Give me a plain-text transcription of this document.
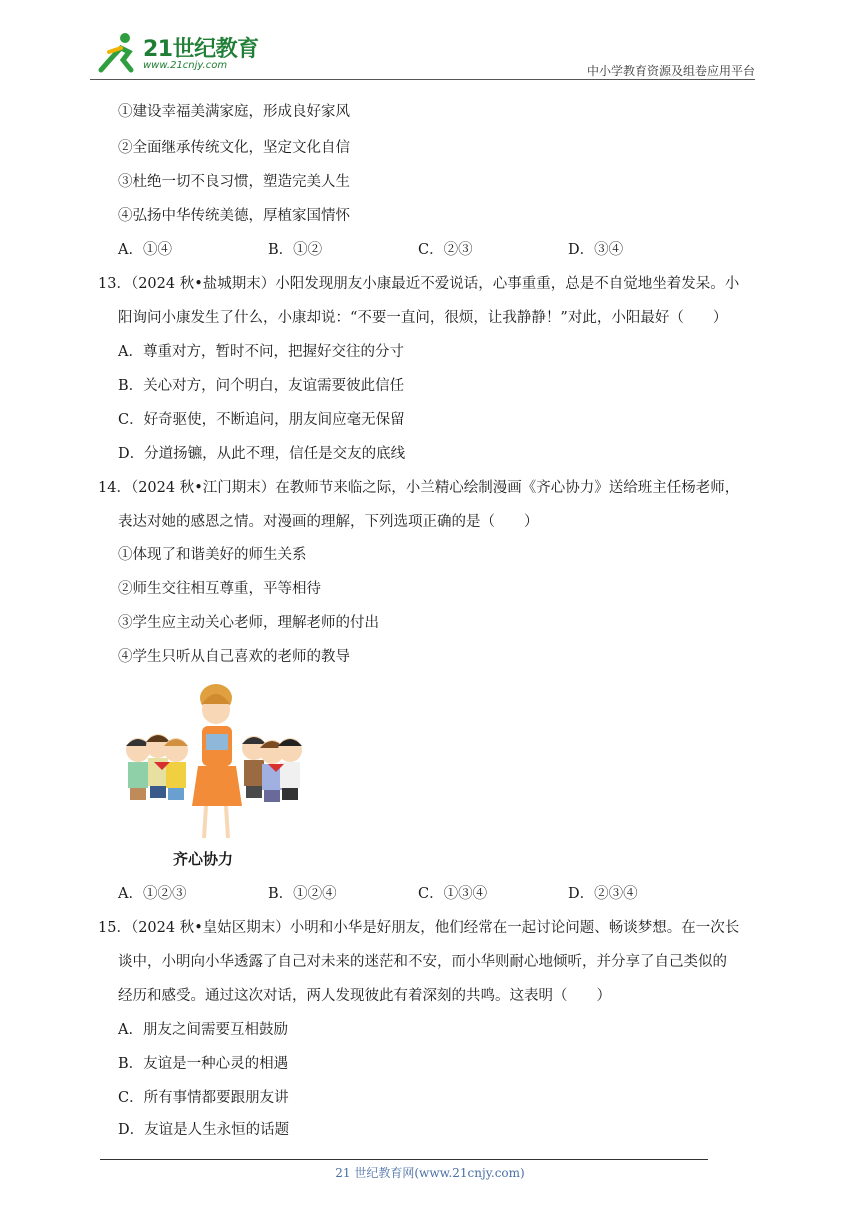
21世纪教育
www.21cnjy.com	中小学教育资源及组卷应用平台
①建设幸福美满家庭，形成良好家风
②全面继承传统文化，坚定文化自信
③杜绝一切不良习惯，塑造完美人生
④弘扬中华传统美德，厚植家国情怀
A．①④	B．①②	C．②③	D．③④
13．（2024 秋•盐城期末）小阳发现朋友小康最近不爱说话，心事重重，总是不自觉地坐着发呆。小
阳询问小康发生了什么，小康却说：“不要一直问，很烦，让我静静！”对此，小阳最好（　　）
A．尊重对方，暂时不问，把握好交往的分寸
B．关心对方，问个明白，友谊需要彼此信任
C．好奇驱使，不断追问，朋友间应毫无保留
D．分道扬镳，从此不理，信任是交友的底线
14．（2024 秋•江门期末）在教师节来临之际，小兰精心绘制漫画《齐心协力》送给班主任杨老师，
表达对她的感恩之情。对漫画的理解，下列选项正确的是（　　）
①体现了和谐美好的师生关系
②师生交往相互尊重，平等相待
③学生应主动关心老师，理解老师的付出
④学生只听从自己喜欢的老师的教导
A．①②③	B．①②④	C．①③④	D．②③④
15．（2024 秋•皇姑区期末）小明和小华是好朋友，他们经常在一起讨论问题、畅谈梦想。在一次长
谈中，小明向小华透露了自己对未来的迷茫和不安，而小华则耐心地倾听，并分享了自己类似的
经历和感受。通过这次对话，两人发现彼此有着深刻的共鸣。这表明（　　）
A．朋友之间需要互相鼓励
B．友谊是一种心灵的相遇
C．所有事情都要跟朋友讲
D．友谊是人生永恒的话题
齐心协力
21 世纪教育网(www.21cnjy.com)
